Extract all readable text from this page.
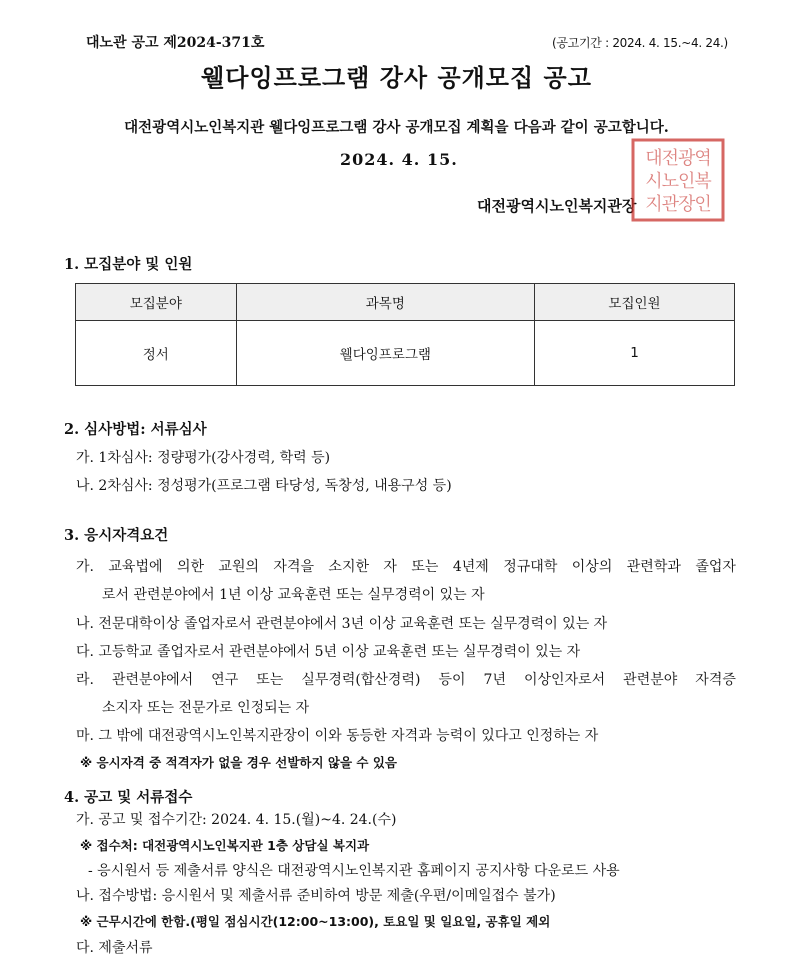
대노관 공고 제2024-371호	(공고기간 : 2024. 4. 15.~4. 24.)
웰다잉프로그램 강사 공개모집 공고
대전광역시노인복지관 웰다잉프로그램 강사 공개모집 계획을 다음과 같이 공고합니다.
2024. 4. 15.
대전광역시노인복지관장
대전광역
시노인복
지관장인
1. 모집분야 및 인원
모집분야	과목명	모집인원
정서	웰다잉프로그램	1
2. 심사방법: 서류심사
가. 1차심사: 정량평가(강사경력, 학력 등)
나. 2차심사: 정성평가(프로그램 타당성, 독창성, 내용구성 등)
3. 응시자격요건
가. 교육법에 의한 교원의 자격을 소지한 자 또는 4년제 정규대학 이상의 관련학과 졸업자
로서 관련분야에서 1년 이상 교육훈련 또는 실무경력이 있는 자
나. 전문대학이상 졸업자로서 관련분야에서 3년 이상 교육훈련 또는 실무경력이 있는 자
다. 고등학교 졸업자로서 관련분야에서 5년 이상 교육훈련 또는 실무경력이 있는 자
라. 관련분야에서 연구 또는 실무경력(합산경력) 등이 7년 이상인자로서 관련분야 자격증
소지자 또는 전문가로 인정되는 자
마. 그 밖에 대전광역시노인복지관장이 이와 동등한 자격과 능력이 있다고 인정하는 자
※ 응시자격 중 적격자가 없을 경우 선발하지 않을 수 있음
4. 공고 및 서류접수
가. 공고 및 접수기간: 2024. 4. 15.(월)~4. 24.(수)
※ 접수처: 대전광역시노인복지관 1층 상담실 복지과
- 응시원서 등 제출서류 양식은 대전광역시노인복지관 홈페이지 공지사항 다운로드 사용
나. 접수방법: 응시원서 및 제출서류 준비하여 방문 제출(우편/이메일접수 불가)
※ 근무시간에 한함.(평일 점심시간(12:00~13:00), 토요일 및 일요일, 공휴일 제외
다. 제출서류
